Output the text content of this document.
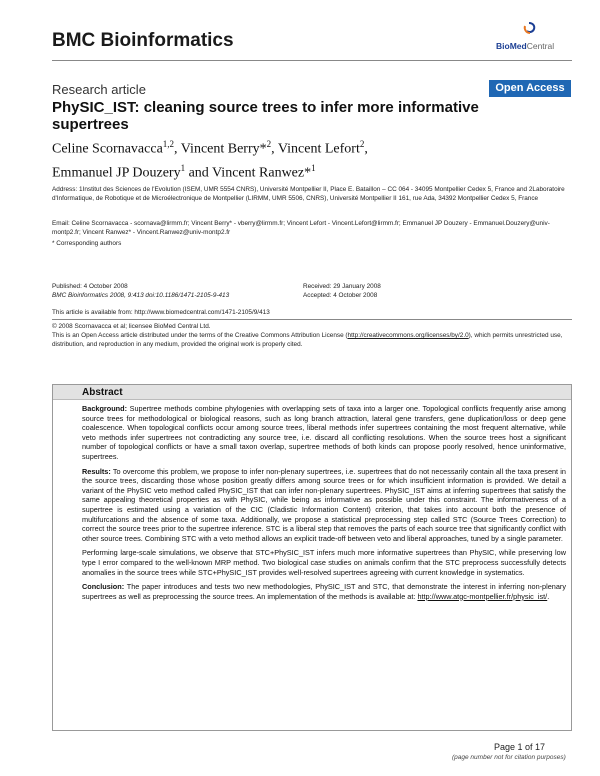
BMC Bioinformatics	BioMedCentral
Research article	Open Access
PhySIC_IST: cleaning source trees to infer more informative supertrees
Celine Scornavacca$^{1,2}$, Vincent Berry*$^2$, Vincent Lefort$^2$,
Emmanuel JP Douzery$^1$ and Vincent Ranwez*$^1$
Address: 1Institut des Sciences de l'Evolution (ISEM, UMR 5554 CNRS), Université Montpellier II, Place E. Bataillon – CC 064 - 34095 Montpellier Cedex 5, France and 2Laboratoire d'Informatique, de Robotique et de Microélectronique de Montpellier (LIRMM, UMR 5506, CNRS), Université Montpellier II 161, rue Ada, 34392 Montpellier Cedex 5, France
Email: Celine Scornavacca - scornava@lirmm.fr; Vincent Berry* - vberry@lirmm.fr; Vincent Lefort - Vincent.Lefort@lirmm.fr; Emmanuel JP Douzery - Emmanuel.Douzery@univ-montp2.fr; Vincent Ranwez* - Vincent.Ranwez@univ-montp2.fr
* Corresponding authors
Published: 4 October 2008
BMC Bioinformatics 2008, 9:413 doi:10.1186/1471-2105-9-413
Received: 29 January 2008
Accepted: 4 October 2008
This article is available from: http://www.biomedcentral.com/1471-2105/9/413
© 2008 Scornavacca et al; licensee BioMed Central Ltd.
This is an Open Access article distributed under the terms of the Creative Commons Attribution License (http://creativecommons.org/licenses/by/2.0), which permits unrestricted use, distribution, and reproduction in any medium, provided the original work is properly cited.
Abstract

Background: Supertree methods combine phylogenies with overlapping sets of taxa into a larger one. Topological conflicts frequently arise among source trees for methodological or biological reasons, such as long branch attraction, lateral gene transfers, gene duplication/loss or deep gene coalescence. When topological conflicts occur among source trees, liberal methods infer supertrees containing the most frequent alternative, while veto methods infer supertrees not contradicting any source tree, i.e. discard all conflicting resolutions. When the source trees host a significant number of topological conflicts or have a small taxon overlap, supertree methods of both kinds can propose poorly resolved, hence uninformative, supertrees.

Results: To overcome this problem, we propose to infer non-plenary supertrees, i.e. supertrees that do not necessarily contain all the taxa present in the source trees, discarding those whose position greatly differs among source trees or for which insufficient information is provided. We detail a variant of the PhySIC veto method called PhySIC_IST that can infer non-plenary supertrees. PhySIC_IST aims at inferring supertrees that satisfy the same appealing theoretical properties as with PhySIC, while being as informative as possible under this constraint. The informativeness of a supertree is estimated using a variation of the CIC (Cladistic Information Content) criterion, that takes into account both the presence of multifurcations and the absence of some taxa. Additionally, we propose a statistical preprocessing step called STC (Source Trees Correction) to correct the source trees prior to the supertree inference. STC is a liberal step that removes the parts of each source tree that significantly conflict with other source trees. Combining STC with a veto method allows an explicit trade-off between veto and liberal approaches, tuned by a single parameter.

Performing large-scale simulations, we observe that STC+PhySIC_IST infers much more informative supertrees than PhySIC, while preserving low type I error compared to the well-known MRP method. Two biological case studies on animals confirm that the STC preprocess successfully detects anomalies in the source trees while STC+PhySIC_IST provides well-resolved supertrees agreeing with current knowledge in systematics.

Conclusion: The paper introduces and tests two new methodologies, PhySIC_IST and STC, that demonstrate the interest in inferring non-plenary supertrees as well as preprocessing the source trees. An implementation of the methods is available at: http://www.atgc-montpellier.fr/physic_ist/.

Page 1 of 17
(page number not for citation purposes)
